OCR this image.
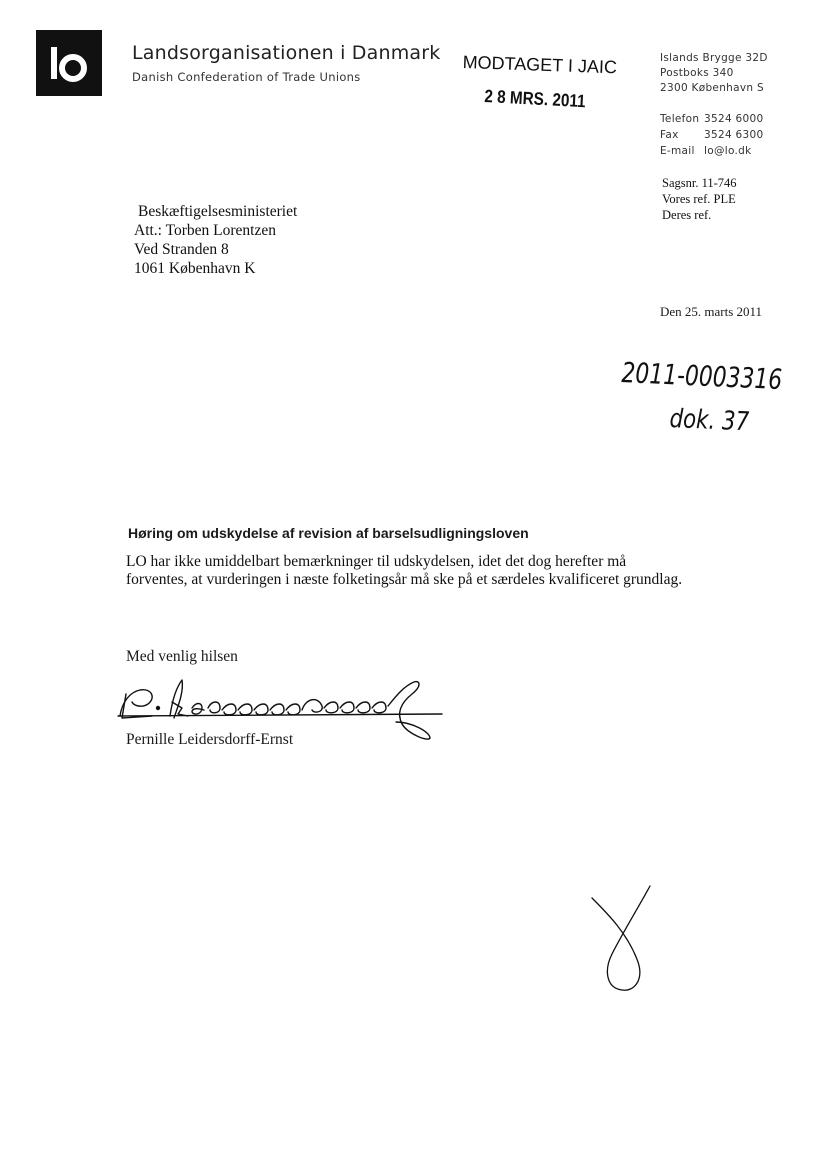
Landsorganisationen i Danmark
Danish Confederation of Trade Unions	MODTAGET I JAIC
2 8 MRS. 2011
Islands Brygge 32D
Postboks 340
2300 København S
Telefon 3524 6000
Fax 3524 6300
E-mail lo@lo.dk
Sagsnr. 11-746
Vores ref. PLE
Deres ref.
Beskæftigelsesministeriet
Att.: Torben Lorentzen
Ved Stranden 8
1061 København K
Den 25. marts 2011
2011-0003316
dok. 37
Høring om udskydelse af revision af barselsudligningsloven
LO har ikke umiddelbart bemærkninger til udskydelsen, idet det dog herefter må forventes, at vurderingen i næste folketingsår må ske på et særdeles kvalificeret grundlag.
Med venlig hilsen
Pernille Leidersdorff-Ernst
